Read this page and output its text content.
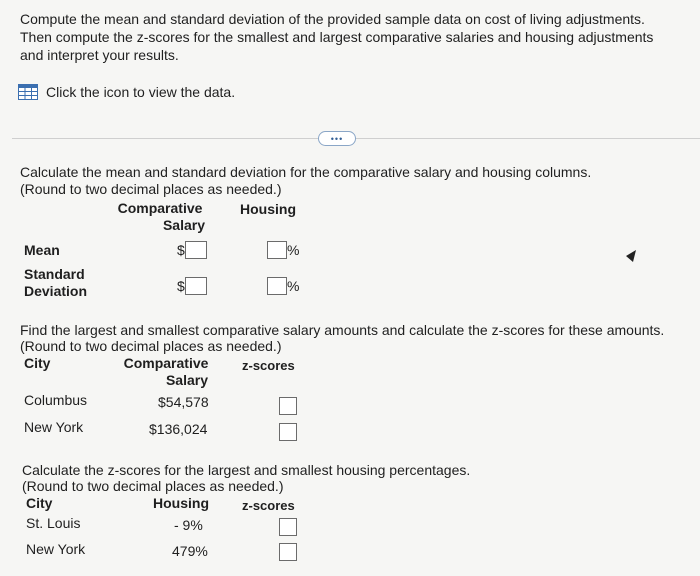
Compute the mean and standard deviation of the provided sample data on cost of living adjustments. Then compute the z-scores for the smallest and largest comparative salaries and housing adjustments and interpret your results.
Click the icon to view the data.
•••
Calculate the mean and standard deviation for the comparative salary and housing columns.
(Round to two decimal places as needed.)
Comparative
Salary
Housing
Mean	$	%
Standard
Deviation	$	%
Find the largest and smallest comparative salary amounts and calculate the z-scores for these amounts.
(Round to two decimal places as needed.)
City	Comparative
Salary
z-scores
Columbus	$54,578
New York	$136,024
Calculate the z-scores for the largest and smallest housing percentages.
(Round to two decimal places as needed.)
City	Housing	z-scores
St. Louis	- 9%
New York	479%
